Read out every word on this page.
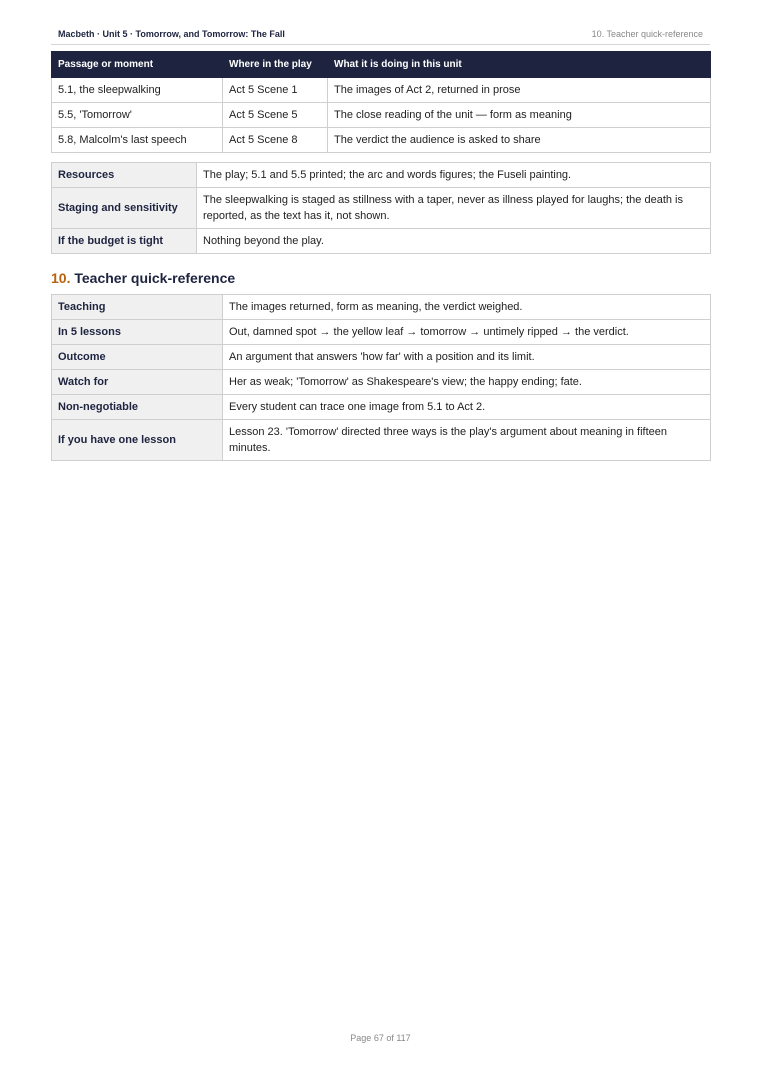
Macbeth · Unit 5 · Tomorrow, and Tomorrow: The Fall	10. Teacher quick-reference
Passage or moment	Where in the play	What it is doing in this unit
5.1, the sleepwalking	Act 5 Scene 1	The images of Act 2, returned in prose
5.5, 'Tomorrow'	Act 5 Scene 5	The close reading of the unit — form as meaning
5.8, Malcolm's last speech	Act 5 Scene 8	The verdict the audience is asked to share
Resources	The play; 5.1 and 5.5 printed; the arc and words figures; the Fuseli painting.
Staging and sensitivity	The sleepwalking is staged as stillness with a taper, never as illness played for laughs; the death is reported, as the text has it, not shown.
If the budget is tight	Nothing beyond the play.
10. Teacher quick-reference
Teaching	The images returned, form as meaning, the verdict weighed.
In 5 lessons	Out, damned spot → the yellow leaf → tomorrow → untimely ripped → the verdict.
Outcome	An argument that answers 'how far' with a position and its limit.
Watch for	Her as weak; 'Tomorrow' as Shakespeare's view; the happy ending; fate.
Non-negotiable	Every student can trace one image from 5.1 to Act 2.
If you have one lesson	Lesson 23. 'Tomorrow' directed three ways is the play's argument about meaning in fifteen minutes.
Page 67 of 117
